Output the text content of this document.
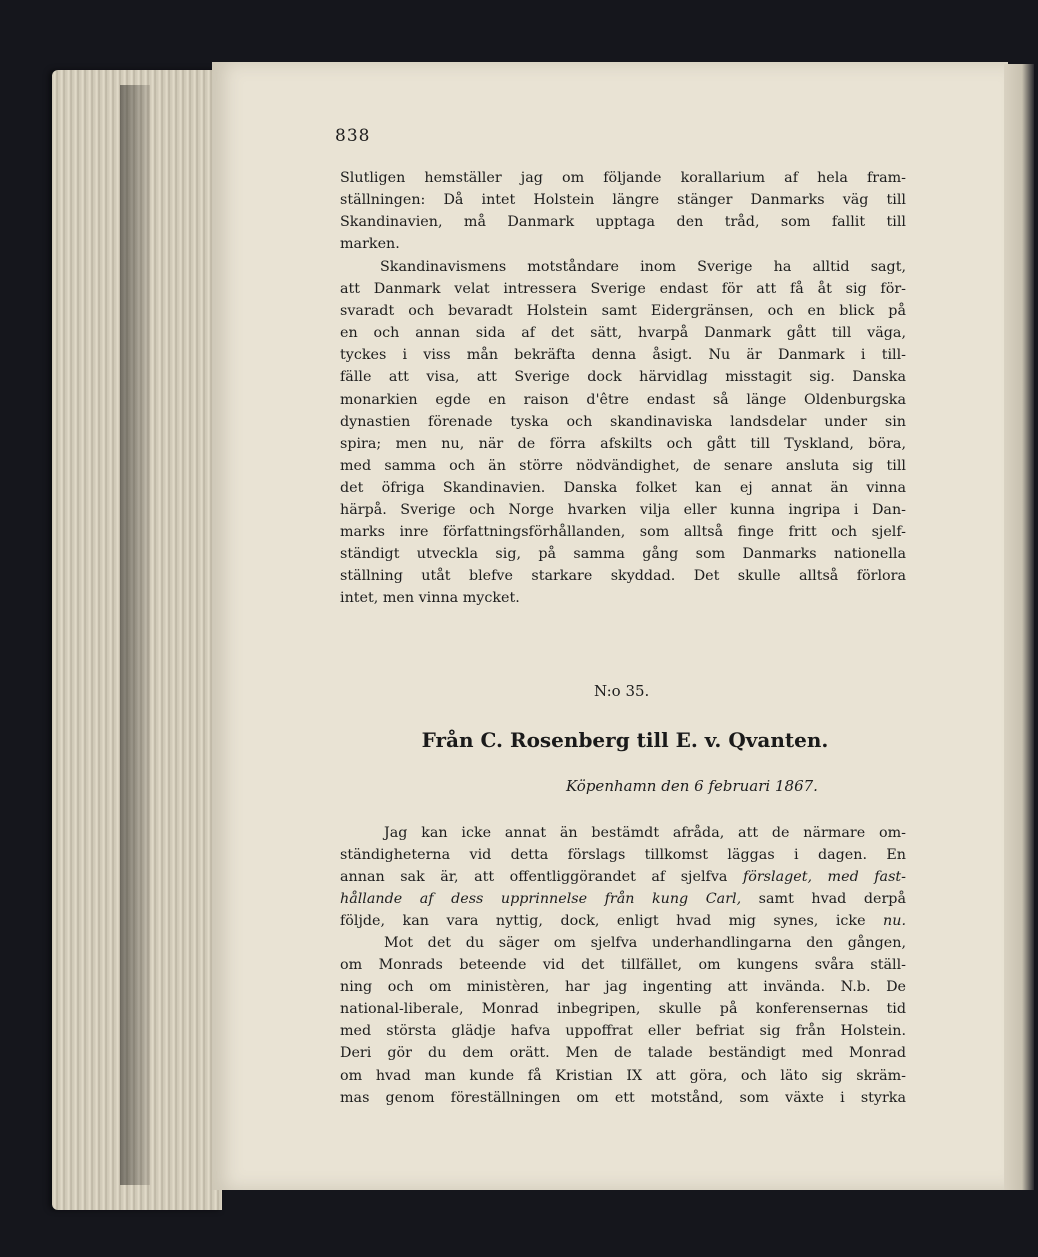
838
Slutligen hemställer jag om följande korallarium af hela fram-
ställningen: Då intet Holstein längre stänger Danmarks väg till
Skandinavien, må Danmark upptaga den tråd, som fallit till
marken.
Skandinavismens motståndare inom Sverige ha alltid sagt,
att Danmark velat intressera Sverige endast för att få åt sig för-
svaradt och bevaradt Holstein samt Eidergränsen, och en blick på
en och annan sida af det sätt, hvarpå Danmark gått till väga,
tyckes i viss mån bekräfta denna åsigt. Nu är Danmark i till-
fälle att visa, att Sverige dock härvidlag misstagit sig. Danska
monarkien egde en raison d'être endast så länge Oldenburgska
dynastien förenade tyska och skandinaviska landsdelar under sin
spira; men nu, när de förra afskilts och gått till Tyskland, böra,
med samma och än större nödvändighet, de senare ansluta sig till
det öfriga Skandinavien. Danska folket kan ej annat än vinna
härpå. Sverige och Norge hvarken vilja eller kunna ingripa i Dan-
marks inre författningsförhållanden, som alltså finge fritt och sjelf-
ständigt utveckla sig, på samma gång som Danmarks nationella
ställning utåt blefve starkare skyddad. Det skulle alltså förlora
intet, men vinna mycket.
N:o 35.
Från C. Rosenberg till E. v. Qvanten.
Köpenhamn den 6 februari 1867.
Jag kan icke annat än bestämdt afråda, att de närmare om-
ständigheterna vid detta förslags tillkomst läggas i dagen. En
annan sak är, att offentliggörandet af sjelfva förslaget, med fast-
hållande af dess upprinnelse från kung Carl, samt hvad derpå
följde, kan vara nyttig, dock, enligt hvad mig synes, icke nu.
Mot det du säger om sjelfva underhandlingarna den gången,
om Monrads beteende vid det tillfället, om kungens svåra ställ-
ning och om ministèren, har jag ingenting att invända. N.b. De
national-liberale, Monrad inbegripen, skulle på konferensernas tid
med största glädje hafva uppoffrat eller befriat sig från Holstein.
Deri gör du dem orätt. Men de talade beständigt med Monrad
om hvad man kunde få Kristian IX att göra, och läto sig skräm-
mas genom föreställningen om ett motstånd, som växte i styrka
